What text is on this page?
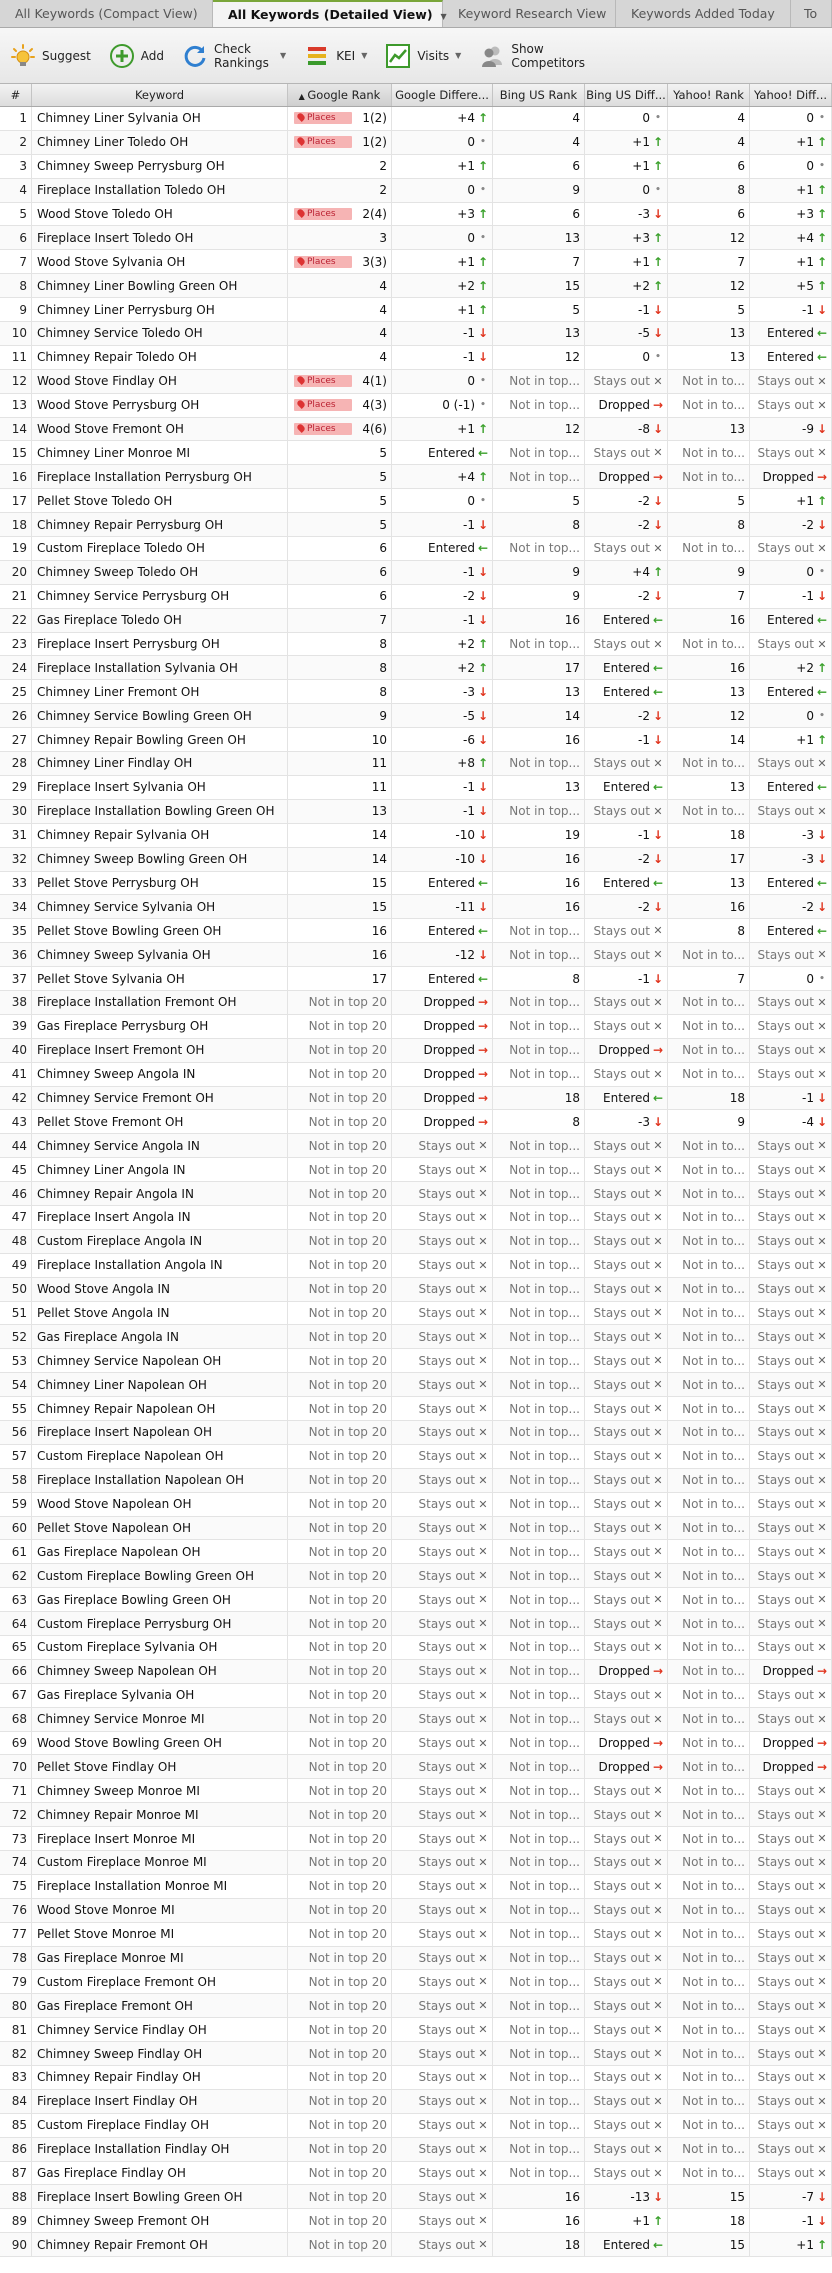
All Keywords (Compact View)	All Keywords (Detailed View) ▼ Keyword Research View	Keywords Added Today	To
Suggest	Add	Check Rankings	▼	KEI ▼	Visits ▼	Show Competitors
#	Keyword	▲ Google Rank	Google Differe... Bing US Rank Bing US Diff... Yahoo! Rank Yahoo! Diff...
1 Chimney Liner Sylvania OH	Places	1(2)	+4 ↑	4	0 •	4	0 •
2 Chimney Liner Toledo OH	Places	1(2)	0 •	4	+1 ↑	4	+1 ↑
3 Chimney Sweep Perrysburg OH	2	+1 ↑	6	+1 ↑	6	0 •
4 Fireplace Installation Toledo OH	2	0 •	9	0 •	8	+1 ↑
5 Wood Stove Toledo OH	Places	2(4)	+3 ↑	6	-3 ↓	6	+3 ↑
6 Fireplace Insert Toledo OH	3	0 •	13	+3 ↑	12	+4 ↑
7 Wood Stove Sylvania OH	Places	3(3)	+1 ↑	7	+1 ↑	7	+1 ↑
8 Chimney Liner Bowling Green OH	4	+2 ↑	15	+2 ↑	12	+5 ↑
9 Chimney Liner Perrysburg OH	4	+1 ↑	5	-1 ↓	5	-1 ↓
10 Chimney Service Toledo OH	4	-1 ↓	13	-5 ↓	13 Entered ←
11 Chimney Repair Toledo OH	4	-1 ↓	12	0 •	13 Entered ←
12 Wood Stove Findlay OH	Places	4(1)	0 • Not in top... Stays out ✕ Not in to... Stays out ✕
13 Wood Stove Perrysburg OH	Places	4(3)	0 (-1) • Not in top... Dropped → Not in to... Stays out ✕
14 Wood Stove Fremont OH	Places	4(6)	+1 ↑	12	-8 ↓	13	-9 ↓
15 Chimney Liner Monroe MI	5	Entered ← Not in top... Stays out ✕ Not in to... Stays out ✕
16 Fireplace Installation Perrysburg OH	5	+4 ↑ Not in top... Dropped → Not in to... Dropped →
17 Pellet Stove Toledo OH	5	0 •	5	-2 ↓	5	+1 ↑
18 Chimney Repair Perrysburg OH	5	-1 ↓	8	-2 ↓	8	-2 ↓
19 Custom Fireplace Toledo OH	6	Entered ← Not in top... Stays out ✕ Not in to... Stays out ✕
20 Chimney Sweep Toledo OH	6	-1 ↓	9	+4 ↑	9	0 •
21 Chimney Service Perrysburg OH	6	-2 ↓	9	-2 ↓	7	-1 ↓
22 Gas Fireplace Toledo OH	7	-1 ↓	16 Entered ←	16 Entered ←
23 Fireplace Insert Perrysburg OH	8	+2 ↑ Not in top... Stays out ✕ Not in to... Stays out ✕
24 Fireplace Installation Sylvania OH	8	+2 ↑	17 Entered ←	16	+2 ↑
25 Chimney Liner Fremont OH	8	-3 ↓	13 Entered ←	13 Entered ←
26 Chimney Service Bowling Green OH	9	-5 ↓	14	-2 ↓	12	0 •
27 Chimney Repair Bowling Green OH	10	-6 ↓	16	-1 ↓	14	+1 ↑
28 Chimney Liner Findlay OH	11	+8 ↑ Not in top... Stays out ✕ Not in to... Stays out ✕
29 Fireplace Insert Sylvania OH	11	-1 ↓	13 Entered ←	13 Entered ←
30 Fireplace Installation Bowling Green OH	13	-1 ↓ Not in top... Stays out ✕ Not in to... Stays out ✕
31 Chimney Repair Sylvania OH	14	-10 ↓	19	-1 ↓	18	-3 ↓
32 Chimney Sweep Bowling Green OH	14	-10 ↓	16	-2 ↓	17	-3 ↓
33 Pellet Stove Perrysburg OH	15	Entered ←	16 Entered ←	13 Entered ←
34 Chimney Service Sylvania OH	15	-11 ↓	16	-2 ↓	16	-2 ↓
35 Pellet Stove Bowling Green OH	16	Entered ← Not in top... Stays out ✕	8 Entered ←
36 Chimney Sweep Sylvania OH	16	-12 ↓ Not in top... Stays out ✕ Not in to... Stays out ✕
37 Pellet Stove Sylvania OH	17	Entered ←	8	-1 ↓	7	0 •
38 Fireplace Installation Fremont OH	Not in top 20	Dropped → Not in top... Stays out ✕ Not in to... Stays out ✕
39 Gas Fireplace Perrysburg OH	Not in top 20	Dropped → Not in top... Stays out ✕ Not in to... Stays out ✕
40 Fireplace Insert Fremont OH	Not in top 20	Dropped → Not in top... Dropped → Not in to... Stays out ✕
41 Chimney Sweep Angola IN	Not in top 20	Dropped → Not in top... Stays out ✕ Not in to... Stays out ✕
42 Chimney Service Fremont OH	Not in top 20	Dropped →	18 Entered ←	18	-1 ↓
43 Pellet Stove Fremont OH	Not in top 20	Dropped →	8	-3 ↓	9	-4 ↓
44 Chimney Service Angola IN	Not in top 20	Stays out ✕ Not in top... Stays out ✕ Not in to... Stays out ✕
45 Chimney Liner Angola IN	Not in top 20	Stays out ✕ Not in top... Stays out ✕ Not in to... Stays out ✕
46 Chimney Repair Angola IN	Not in top 20	Stays out ✕ Not in top... Stays out ✕ Not in to... Stays out ✕
47 Fireplace Insert Angola IN	Not in top 20	Stays out ✕ Not in top... Stays out ✕ Not in to... Stays out ✕
48 Custom Fireplace Angola IN	Not in top 20	Stays out ✕ Not in top... Stays out ✕ Not in to... Stays out ✕
49 Fireplace Installation Angola IN	Not in top 20	Stays out ✕ Not in top... Stays out ✕ Not in to... Stays out ✕
50 Wood Stove Angola IN	Not in top 20	Stays out ✕ Not in top... Stays out ✕ Not in to... Stays out ✕
51 Pellet Stove Angola IN	Not in top 20	Stays out ✕ Not in top... Stays out ✕ Not in to... Stays out ✕
52 Gas Fireplace Angola IN	Not in top 20	Stays out ✕ Not in top... Stays out ✕ Not in to... Stays out ✕
53 Chimney Service Napolean OH	Not in top 20	Stays out ✕ Not in top... Stays out ✕ Not in to... Stays out ✕
54 Chimney Liner Napolean OH	Not in top 20	Stays out ✕ Not in top... Stays out ✕ Not in to... Stays out ✕
55 Chimney Repair Napolean OH	Not in top 20	Stays out ✕ Not in top... Stays out ✕ Not in to... Stays out ✕
56 Fireplace Insert Napolean OH	Not in top 20	Stays out ✕ Not in top... Stays out ✕ Not in to... Stays out ✕
57 Custom Fireplace Napolean OH	Not in top 20	Stays out ✕ Not in top... Stays out ✕ Not in to... Stays out ✕
58 Fireplace Installation Napolean OH	Not in top 20	Stays out ✕ Not in top... Stays out ✕ Not in to... Stays out ✕
59 Wood Stove Napolean OH	Not in top 20	Stays out ✕ Not in top... Stays out ✕ Not in to... Stays out ✕
60 Pellet Stove Napolean OH	Not in top 20	Stays out ✕ Not in top... Stays out ✕ Not in to... Stays out ✕
61 Gas Fireplace Napolean OH	Not in top 20	Stays out ✕ Not in top... Stays out ✕ Not in to... Stays out ✕
62 Custom Fireplace Bowling Green OH	Not in top 20	Stays out ✕ Not in top... Stays out ✕ Not in to... Stays out ✕
63 Gas Fireplace Bowling Green OH	Not in top 20	Stays out ✕ Not in top... Stays out ✕ Not in to... Stays out ✕
64 Custom Fireplace Perrysburg OH	Not in top 20	Stays out ✕ Not in top... Stays out ✕ Not in to... Stays out ✕
65 Custom Fireplace Sylvania OH	Not in top 20	Stays out ✕ Not in top... Stays out ✕ Not in to... Stays out ✕
66 Chimney Sweep Napolean OH	Not in top 20	Stays out ✕ Not in top... Dropped → Not in to... Dropped →
67 Gas Fireplace Sylvania OH	Not in top 20	Stays out ✕ Not in top... Stays out ✕ Not in to... Stays out ✕
68 Chimney Service Monroe MI	Not in top 20	Stays out ✕ Not in top... Stays out ✕ Not in to... Stays out ✕
69 Wood Stove Bowling Green OH	Not in top 20	Stays out ✕ Not in top... Dropped → Not in to... Dropped →
70 Pellet Stove Findlay OH	Not in top 20	Stays out ✕ Not in top... Dropped → Not in to... Dropped →
71 Chimney Sweep Monroe MI	Not in top 20	Stays out ✕ Not in top... Stays out ✕ Not in to... Stays out ✕
72 Chimney Repair Monroe MI	Not in top 20	Stays out ✕ Not in top... Stays out ✕ Not in to... Stays out ✕
73 Fireplace Insert Monroe MI	Not in top 20	Stays out ✕ Not in top... Stays out ✕ Not in to... Stays out ✕
74 Custom Fireplace Monroe MI	Not in top 20	Stays out ✕ Not in top... Stays out ✕ Not in to... Stays out ✕
75 Fireplace Installation Monroe MI	Not in top 20	Stays out ✕ Not in top... Stays out ✕ Not in to... Stays out ✕
76 Wood Stove Monroe MI	Not in top 20	Stays out ✕ Not in top... Stays out ✕ Not in to... Stays out ✕
77 Pellet Stove Monroe MI	Not in top 20	Stays out ✕ Not in top... Stays out ✕ Not in to... Stays out ✕
78 Gas Fireplace Monroe MI	Not in top 20	Stays out ✕ Not in top... Stays out ✕ Not in to... Stays out ✕
79 Custom Fireplace Fremont OH	Not in top 20	Stays out ✕ Not in top... Stays out ✕ Not in to... Stays out ✕
80 Gas Fireplace Fremont OH	Not in top 20	Stays out ✕ Not in top... Stays out ✕ Not in to... Stays out ✕
81 Chimney Service Findlay OH	Not in top 20	Stays out ✕ Not in top... Stays out ✕ Not in to... Stays out ✕
82 Chimney Sweep Findlay OH	Not in top 20	Stays out ✕ Not in top... Stays out ✕ Not in to... Stays out ✕
83 Chimney Repair Findlay OH	Not in top 20	Stays out ✕ Not in top... Stays out ✕ Not in to... Stays out ✕
84 Fireplace Insert Findlay OH	Not in top 20	Stays out ✕ Not in top... Stays out ✕ Not in to... Stays out ✕
85 Custom Fireplace Findlay OH	Not in top 20	Stays out ✕ Not in top... Stays out ✕ Not in to... Stays out ✕
86 Fireplace Installation Findlay OH	Not in top 20	Stays out ✕ Not in top... Stays out ✕ Not in to... Stays out ✕
87 Gas Fireplace Findlay OH	Not in top 20	Stays out ✕ Not in top... Stays out ✕ Not in to... Stays out ✕
88 Fireplace Insert Bowling Green OH	Not in top 20	Stays out ✕	16	-13 ↓	15	-7 ↓
89 Chimney Sweep Fremont OH	Not in top 20	Stays out ✕	16	+1 ↑	18	-1 ↓
90 Chimney Repair Fremont OH	Not in top 20	Stays out ✕	18 Entered ←	15	+1 ↑
